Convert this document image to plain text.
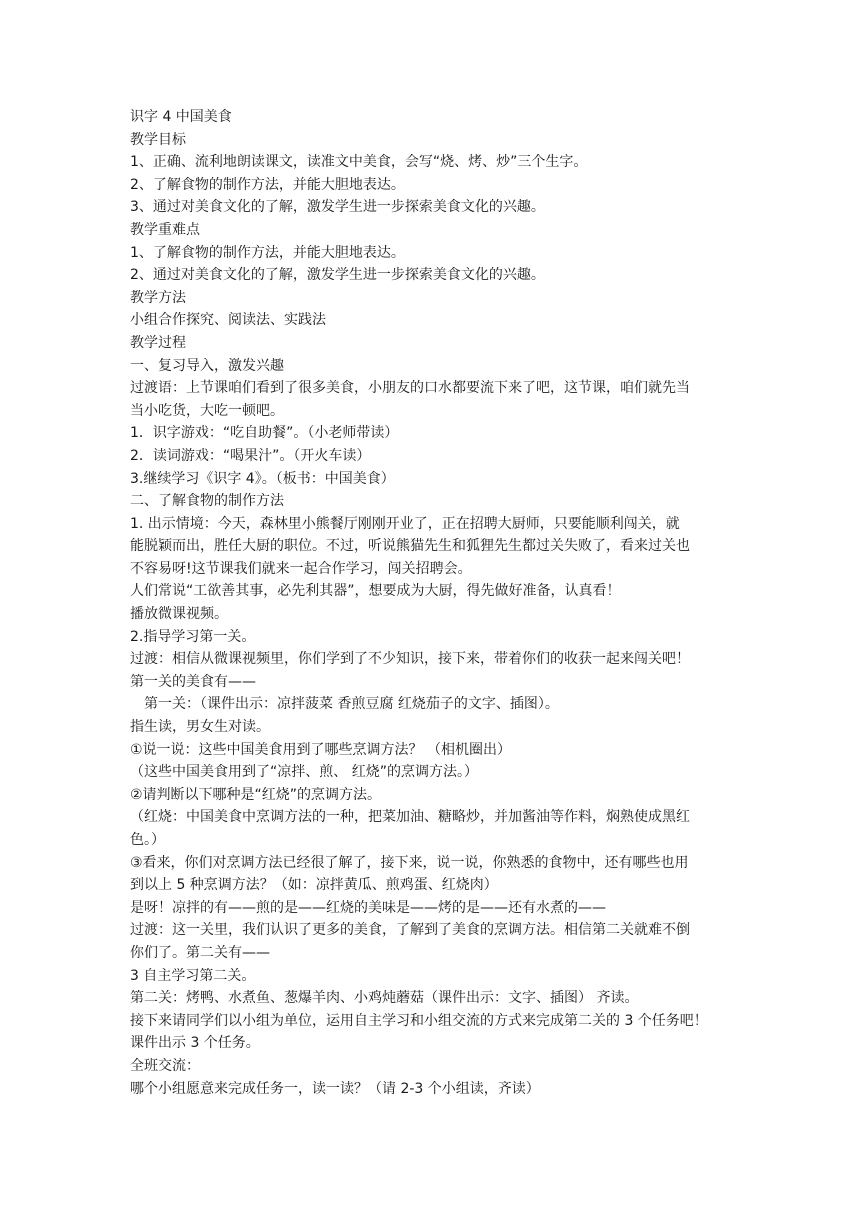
识字 4 中国美食

教学目标

1、正确、流利地朗读课文，读准文中美食，会写“烧、烤、炒”三个生字。

2、了解食物的制作方法，并能大胆地表达。

3、通过对美食文化的了解，激发学生进一步探索美食文化的兴趣。

教学重难点

1、了解食物的制作方法，并能大胆地表达。

2、通过对美食文化的了解，激发学生进一步探索美食文化的兴趣。

教学方法

小组合作探究、阅读法、实践法

教学过程

一、复习导入，激发兴趣

过渡语：上节课咱们看到了很多美食，小朋友的口水都要流下来了吧，这节课，咱们就先当

当小吃货，大吃一顿吧。

1．识字游戏：“吃自助餐”。（小老师带读）

2．读词游戏：“喝果汁”。（开火车读）

3.继续学习《识字 4》。（板书：中国美食）

二、了解食物的制作方法

1. 出示情境：今天，森林里小熊餐厅刚刚开业了，正在招聘大厨师，只要能顺利闯关，就

能脱颖而出，胜任大厨的职位。不过，听说熊猫先生和狐狸先生都过关失败了，看来过关也

不容易呀!这节课我们就来一起合作学习，闯关招聘会。

人们常说“工欲善其事，必先利其器”，想要成为大厨，得先做好准备，认真看！

播放微课视频。

2.指导学习第一关。

过渡：相信从微课视频里，你们学到了不少知识，接下来，带着你们的收获一起来闯关吧！

第一关的美食有——

第一关：（课件出示：凉拌菠菜 香煎豆腐 红烧茄子的文字、插图）。

指生读，男女生对读。

①说一说：这些中国美食用到了哪些烹调方法？ （相机圈出）

（这些中国美食用到了“凉拌、煎、 红烧”的烹调方法。）

②请判断以下哪种是“红烧”的烹调方法。

（红烧：中国美食中烹调方法的一种，把菜加油、糖略炒，并加酱油等作料，焖熟使成黑红

色。）

③看来，你们对烹调方法已经很了解了，接下来，说一说，你熟悉的食物中，还有哪些也用

到以上 5 种烹调方法？（如：凉拌黄瓜、煎鸡蛋、红烧肉）

是呀！凉拌的有——煎的是——红烧的美味是——烤的是——还有水煮的——

过渡：这一关里，我们认识了更多的美食，了解到了美食的烹调方法。相信第二关就难不倒

你们了。第二关有——

3 自主学习第二关。

第二关：烤鸭、水煮鱼、葱爆羊肉、小鸡炖蘑菇（课件出示：文字、插图） 齐读。

接下来请同学们以小组为单位，运用自主学习和小组交流的方式来完成第二关的 3 个任务吧！

课件出示 3 个任务。

全班交流：

哪个小组愿意来完成任务一，读一读？（请 2-3 个小组读，齐读）
